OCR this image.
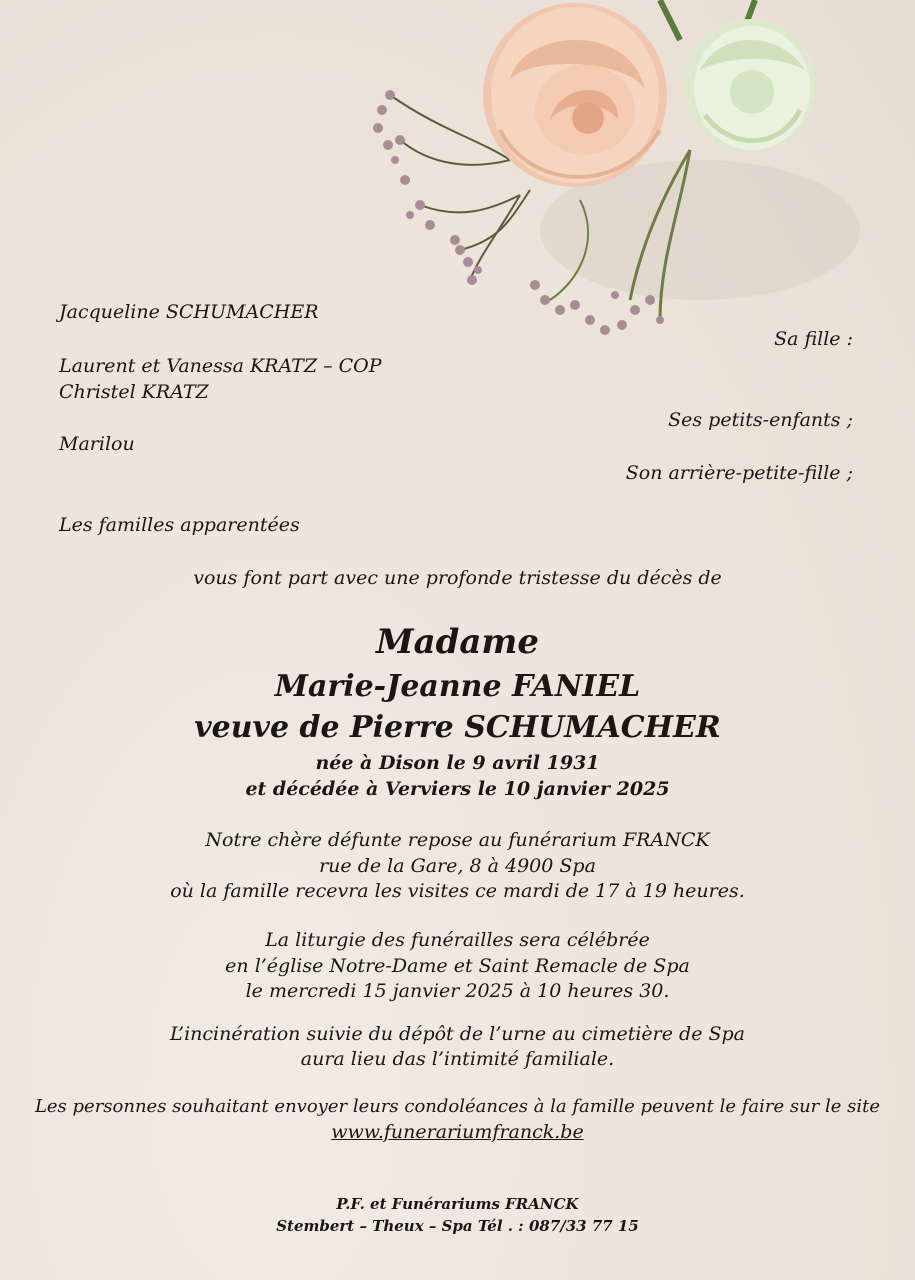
Jacqueline SCHUMACHER
Sa fille :
Laurent et Vanessa KRATZ – COP
Christel KRATZ
Ses petits-enfants ;
Marilou
Son arrière-petite-fille ;
Les familles apparentées
vous font part avec une profonde tristesse du décès de
Madame
Marie-Jeanne FANIEL
veuve de Pierre SCHUMACHER
née à Dison le 9 avril 1931
et décédée à Verviers le 10 janvier 2025
Notre chère défunte repose au funérarium FRANCK
rue de la Gare, 8 à 4900 Spa
où la famille recevra les visites ce mardi de 17 à 19 heures.
La liturgie des funérailles sera célébrée
en l’église Notre-Dame et Saint Remacle de Spa
le mercredi 15 janvier 2025 à 10 heures 30.
L’incinération suivie du dépôt de l’urne au cimetière de Spa
aura lieu das l’intimité familiale.
Les personnes souhaitant envoyer leurs condoléances à la famille peuvent le faire sur le site
www.funerariumfranck.be
P.F. et Funérariums FRANCK
Stembert – Theux – Spa Tél . : 087/33 77 15
